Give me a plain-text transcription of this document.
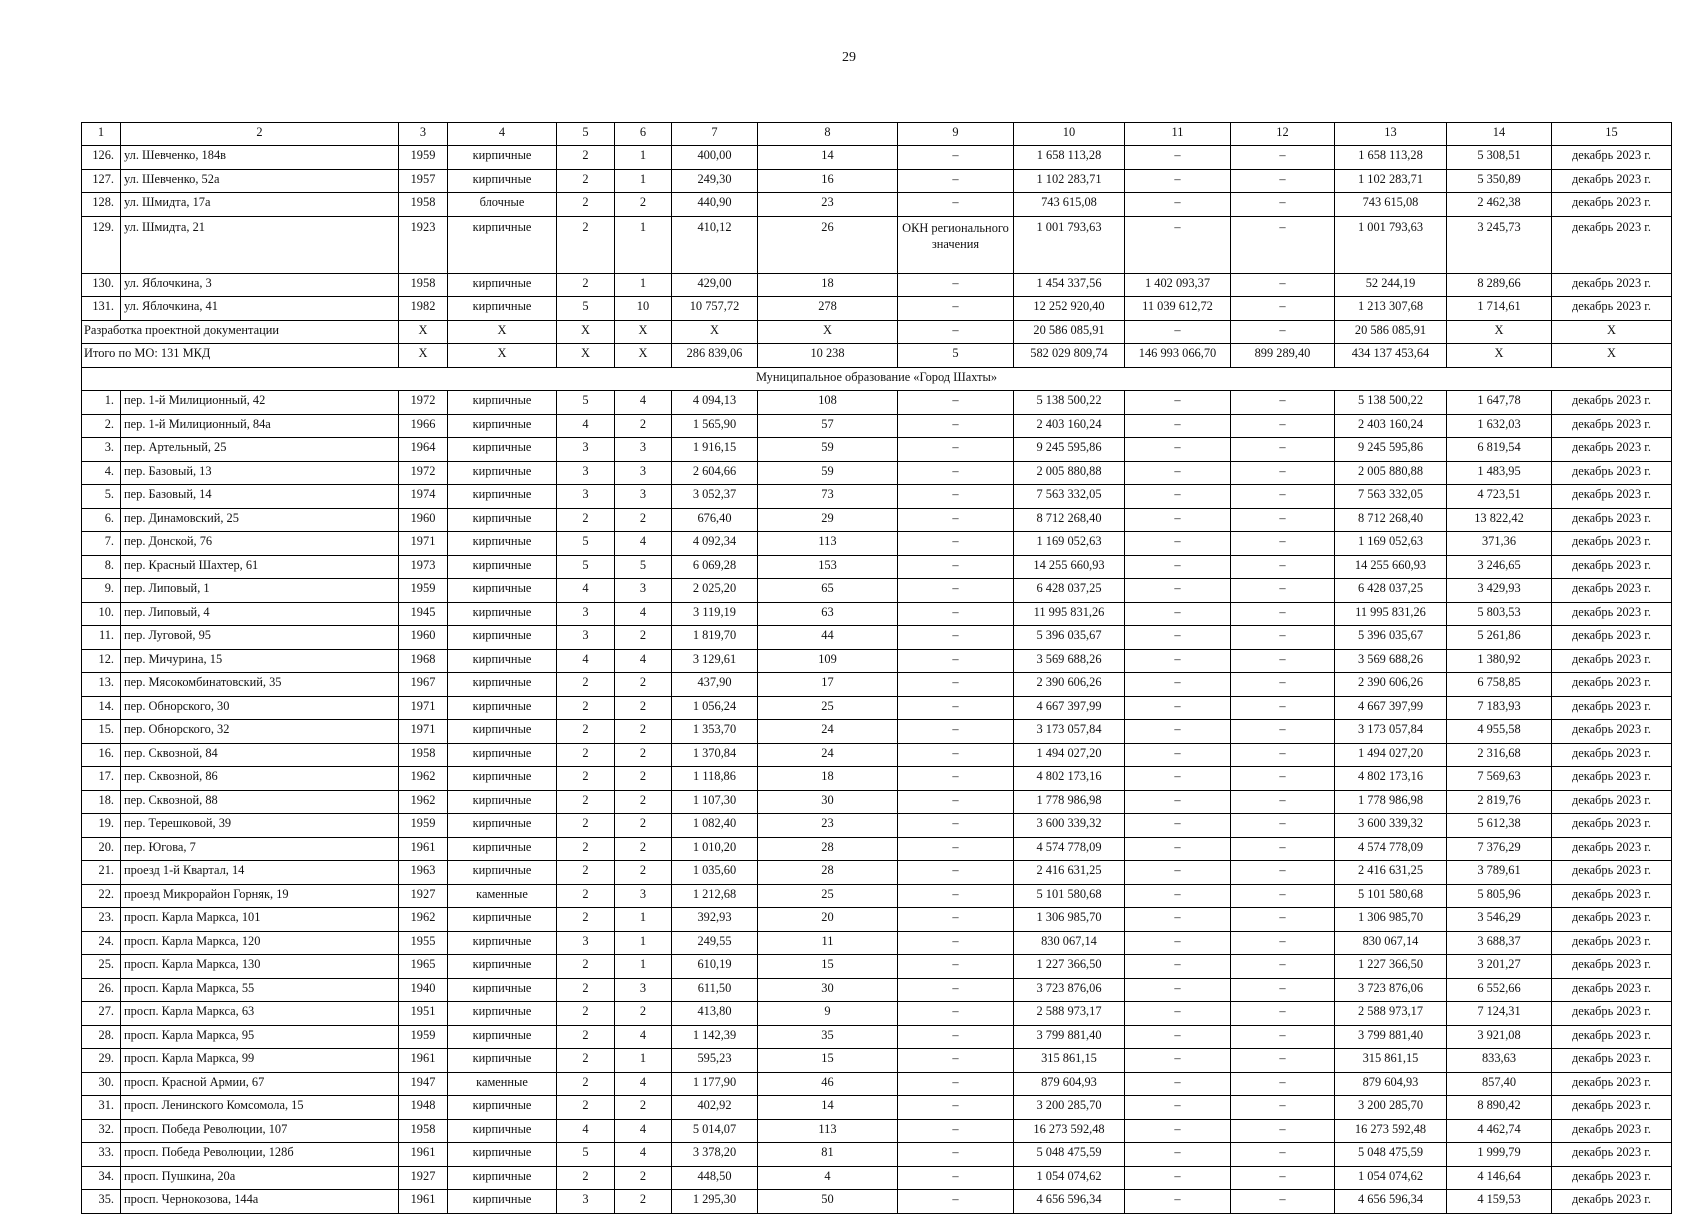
29
1	2	3	4	5	6	7	8	9	10	11	12	13	14	15
126.	ул. Шевченко, 184в	1959	кирпичные	2	1	400,00	14	–	1 658 113,28	–	–	1 658 113,28	5 308,51	декабрь 2023 г.
127.	ул. Шевченко, 52а	1957	кирпичные	2	1	249,30	16	–	1 102 283,71	–	–	1 102 283,71	5 350,89	декабрь 2023 г.
128.	ул. Шмидта, 17а	1958	блочные	2	2	440,90	23	–	743 615,08	–	–	743 615,08	2 462,38	декабрь 2023 г.
129.	ул. Шмидта, 21	1923	кирпичные	2	1	410,12	26	ОКН регионального значения	1 001 793,63	–	–	1 001 793,63	3 245,73	декабрь 2023 г.
130.	ул. Яблочкина, 3	1958	кирпичные	2	1	429,00	18	–	1 454 337,56	1 402 093,37	–	52 244,19	8 289,66	декабрь 2023 г.
131.	ул. Яблочкина, 41	1982	кирпичные	5	10	10 757,72	278	–	12 252 920,40	11 039 612,72	–	1 213 307,68	1 714,61	декабрь 2023 г.
Разработка проектной документации		X	X	X	X	X	X	–	20 586 085,91	–	–	20 586 085,91	X	X
Итого по МО: 131 МКД		X	X	X	X	286 839,06	10 238	5	582 029 809,74	146 993 066,70	899 289,40	434 137 453,64	X	X
Муниципальное образование «Город Шахты»														
1.	пер. 1-й Милиционный, 42	1972	кирпичные	5	4	4 094,13	108	–	5 138 500,22	–	–	5 138 500,22	1 647,78	декабрь 2023 г.
2.	пер. 1-й Милиционный, 84а	1966	кирпичные	4	2	1 565,90	57	–	2 403 160,24	–	–	2 403 160,24	1 632,03	декабрь 2023 г.
3.	пер. Артельный, 25	1964	кирпичные	3	3	1 916,15	59	–	9 245 595,86	–	–	9 245 595,86	6 819,54	декабрь 2023 г.
4.	пер. Базовый, 13	1972	кирпичные	3	3	2 604,66	59	–	2 005 880,88	–	–	2 005 880,88	1 483,95	декабрь 2023 г.
5.	пер. Базовый, 14	1974	кирпичные	3	3	3 052,37	73	–	7 563 332,05	–	–	7 563 332,05	4 723,51	декабрь 2023 г.
6.	пер. Динамовский, 25	1960	кирпичные	2	2	676,40	29	–	8 712 268,40	–	–	8 712 268,40	13 822,42	декабрь 2023 г.
7.	пер. Донской, 76	1971	кирпичные	5	4	4 092,34	113	–	1 169 052,63	–	–	1 169 052,63	371,36	декабрь 2023 г.
8.	пер. Красный Шахтер, 61	1973	кирпичные	5	5	6 069,28	153	–	14 255 660,93	–	–	14 255 660,93	3 246,65	декабрь 2023 г.
9.	пер. Липовый, 1	1959	кирпичные	4	3	2 025,20	65	–	6 428 037,25	–	–	6 428 037,25	3 429,93	декабрь 2023 г.
10.	пер. Липовый, 4	1945	кирпичные	3	4	3 119,19	63	–	11 995 831,26	–	–	11 995 831,26	5 803,53	декабрь 2023 г.
11.	пер. Луговой, 95	1960	кирпичные	3	2	1 819,70	44	–	5 396 035,67	–	–	5 396 035,67	5 261,86	декабрь 2023 г.
12.	пер. Мичурина, 15	1968	кирпичные	4	4	3 129,61	109	–	3 569 688,26	–	–	3 569 688,26	1 380,92	декабрь 2023 г.
13.	пер. Мясокомбинатовский, 35	1967	кирпичные	2	2	437,90	17	–	2 390 606,26	–	–	2 390 606,26	6 758,85	декабрь 2023 г.
14.	пер. Обнорского, 30	1971	кирпичные	2	2	1 056,24	25	–	4 667 397,99	–	–	4 667 397,99	7 183,93	декабрь 2023 г.
15.	пер. Обнорского, 32	1971	кирпичные	2	2	1 353,70	24	–	3 173 057,84	–	–	3 173 057,84	4 955,58	декабрь 2023 г.
16.	пер. Сквозной, 84	1958	кирпичные	2	2	1 370,84	24	–	1 494 027,20	–	–	1 494 027,20	2 316,68	декабрь 2023 г.
17.	пер. Сквозной, 86	1962	кирпичные	2	2	1 118,86	18	–	4 802 173,16	–	–	4 802 173,16	7 569,63	декабрь 2023 г.
18.	пер. Сквозной, 88	1962	кирпичные	2	2	1 107,30	30	–	1 778 986,98	–	–	1 778 986,98	2 819,76	декабрь 2023 г.
19.	пер. Терешковой, 39	1959	кирпичные	2	2	1 082,40	23	–	3 600 339,32	–	–	3 600 339,32	5 612,38	декабрь 2023 г.
20.	пер. Югова, 7	1961	кирпичные	2	2	1 010,20	28	–	4 574 778,09	–	–	4 574 778,09	7 376,29	декабрь 2023 г.
21.	проезд 1-й Квартал, 14	1963	кирпичные	2	2	1 035,60	28	–	2 416 631,25	–	–	2 416 631,25	3 789,61	декабрь 2023 г.
22.	проезд Микрорайон Горняк, 19	1927	каменные	2	3	1 212,68	25	–	5 101 580,68	–	–	5 101 580,68	5 805,96	декабрь 2023 г.
23.	просп. Карла Маркса, 101	1962	кирпичные	2	1	392,93	20	–	1 306 985,70	–	–	1 306 985,70	3 546,29	декабрь 2023 г.
24.	просп. Карла Маркса, 120	1955	кирпичные	3	1	249,55	11	–	830 067,14	–	–	830 067,14	3 688,37	декабрь 2023 г.
25.	просп. Карла Маркса, 130	1965	кирпичные	2	1	610,19	15	–	1 227 366,50	–	–	1 227 366,50	3 201,27	декабрь 2023 г.
26.	просп. Карла Маркса, 55	1940	кирпичные	2	3	611,50	30	–	3 723 876,06	–	–	3 723 876,06	6 552,66	декабрь 2023 г.
27.	просп. Карла Маркса, 63	1951	кирпичные	2	2	413,80	9	–	2 588 973,17	–	–	2 588 973,17	7 124,31	декабрь 2023 г.
28.	просп. Карла Маркса, 95	1959	кирпичные	2	4	1 142,39	35	–	3 799 881,40	–	–	3 799 881,40	3 921,08	декабрь 2023 г.
29.	просп. Карла Маркса, 99	1961	кирпичные	2	1	595,23	15	–	315 861,15	–	–	315 861,15	833,63	декабрь 2023 г.
30.	просп. Красной Армии, 67	1947	каменные	2	4	1 177,90	46	–	879 604,93	–	–	879 604,93	857,40	декабрь 2023 г.
31.	просп. Ленинского Комсомола, 15	1948	кирпичные	2	2	402,92	14	–	3 200 285,70	–	–	3 200 285,70	8 890,42	декабрь 2023 г.
32.	просп. Победа Революции, 107	1958	кирпичные	4	4	5 014,07	113	–	16 273 592,48	–	–	16 273 592,48	4 462,74	декабрь 2023 г.
33.	просп. Победа Революции, 128б	1961	кирпичные	5	4	3 378,20	81	–	5 048 475,59	–	–	5 048 475,59	1 999,79	декабрь 2023 г.
34.	просп. Пушкина, 20а	1927	кирпичные	2	2	448,50	4	–	1 054 074,62	–	–	1 054 074,62	4 146,64	декабрь 2023 г.
35.	просп. Чернокозова, 144а	1961	кирпичные	3	2	1 295,30	50	–	4 656 596,34	–	–	4 656 596,34	4 159,53	декабрь 2023 г.
